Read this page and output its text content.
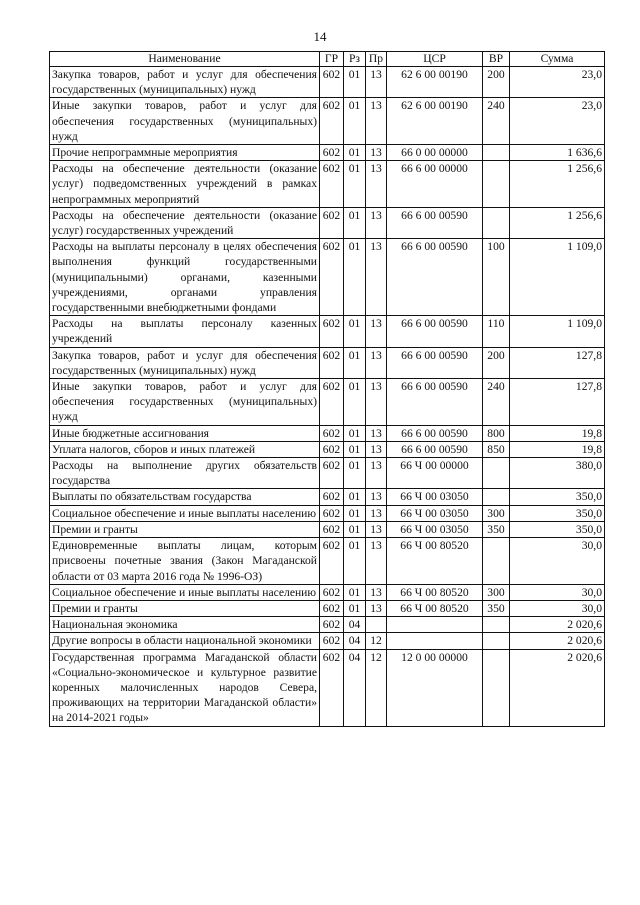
14
Наименование	ГР	Рз	Пр	ЦСР	ВР	Сумма
Закупка товаров, работ и услуг для обеспечения государственных (муниципальных) нужд	602	01	13	62 6 00 00190	200	23,0
Иные закупки товаров, работ и услуг для обеспечения государственных (муниципальных) нужд	602	01	13	62 6 00 00190	240	23,0
Прочие непрограммные мероприятия	602	01	13	66 0 00 00000		1 636,6
Расходы на обеспечение деятельности (оказание услуг) подведомственных учреждений в рамках непрограммных мероприятий	602	01	13	66 6 00 00000		1 256,6
Расходы на обеспечение деятельности (оказание услуг) государственных учреждений	602	01	13	66 6 00 00590		1 256,6
Расходы на выплаты персоналу в целях обеспечения выполнения функций государственными (муниципальными) органами, казенными учреждениями, органами управления государственными внебюджетными фондами	602	01	13	66 6 00 00590	100	1 109,0
Расходы на выплаты персоналу казенных учреждений	602	01	13	66 6 00 00590	110	1 109,0
Закупка товаров, работ и услуг для обеспечения государственных (муниципальных) нужд	602	01	13	66 6 00 00590	200	127,8
Иные закупки товаров, работ и услуг для обеспечения государственных (муниципальных) нужд	602	01	13	66 6 00 00590	240	127,8
Иные бюджетные ассигнования	602	01	13	66 6 00 00590	800	19,8
Уплата налогов, сборов и иных платежей	602	01	13	66 6 00 00590	850	19,8
Расходы на выполнение других обязательств государства	602	01	13	66 Ч 00 00000		380,0
Выплаты по обязательствам государства	602	01	13	66 Ч 00 03050		350,0
Социальное обеспечение и иные выплаты населению	602	01	13	66 Ч 00 03050	300	350,0
Премии и гранты	602	01	13	66 Ч 00 03050	350	350,0
Единовременные выплаты лицам, которым присвоены почетные звания (Закон Магаданской области от 03 марта 2016 года № 1996-ОЗ)	602	01	13	66 Ч 00 80520		30,0
Социальное обеспечение и иные выплаты населению	602	01	13	66 Ч 00 80520	300	30,0
Премии и гранты	602	01	13	66 Ч 00 80520	350	30,0
Национальная экономика	602	04				2 020,6
Другие вопросы в области национальной экономики	602	04	12			2 020,6
Государственная программа Магаданской области «Социально-экономическое и культурное развитие коренных малочисленных народов Севера, проживающих на территории Магаданской области» на 2014-2021 годы»	602	04	12	12 0 00 00000		2 020,6
